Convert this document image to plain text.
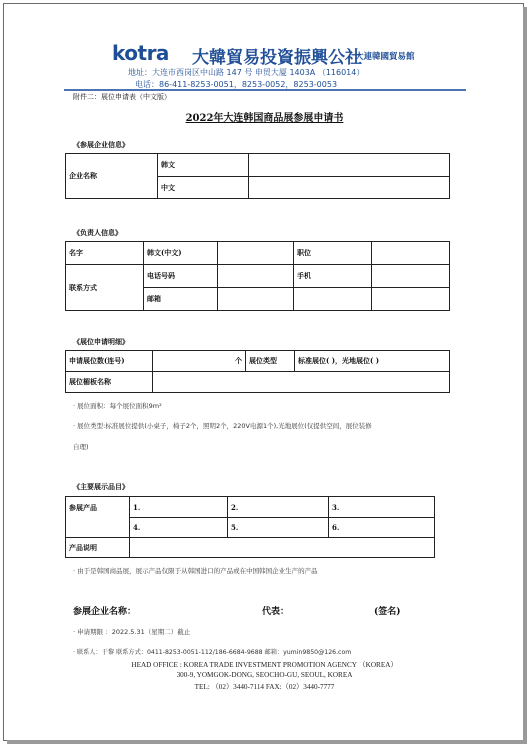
kotra 大韓貿易投資振興公社
大連韓國貿易館
地址：大连市西岗区中山路 147 号 申贸大厦 1403A （116014）
电话：86-411-8253-0051，8253-0052，8253-0053
附件二：展位申请表（中文版）
2022年大连韩国商品展参展申请书
《参展企业信息》
企业名称	韩文	
	中文	
《负责人信息》
名字	韩文(中文)		职位	
联系方式	电话号码		手机	
	邮箱			
《展位申请明细》
申请展位数(连号)	个	展位类型	标准展位( )，光地展位( )
展位楣板名称			
· 展位面积：每个展位面积9m²
· 展位类型:标准展位提供(小桌子，椅子2个，照明2个，220V电源1个),光地展位(仅提供空间，展位装修
自理)
《主要展示品目》
参展产品	1.	2.	3.
	4.	5.	6.
产品说明			
· 由于是韩国商品展，展示产品仅限于从韩国进口的产品或在中国韩国企业生产的产品
参展企业名称：	代表：	(签名)
· 申请期限 ：2022.5.31（星期二）截止
· 联系人：于黎 联系方式：0411-8253-0051-112/186-6684-9688 邮箱：yumin9850@126.com
HEAD OFFICE : KOREA TRADE INVESTMENT PROMOTION AGENCY （KOREA）
300-9, YOMGOK-DONG, SEOCHO-GU, SEOUL, KOREA
TEL: （02）3440-7114 FAX:（02）3440-7777
